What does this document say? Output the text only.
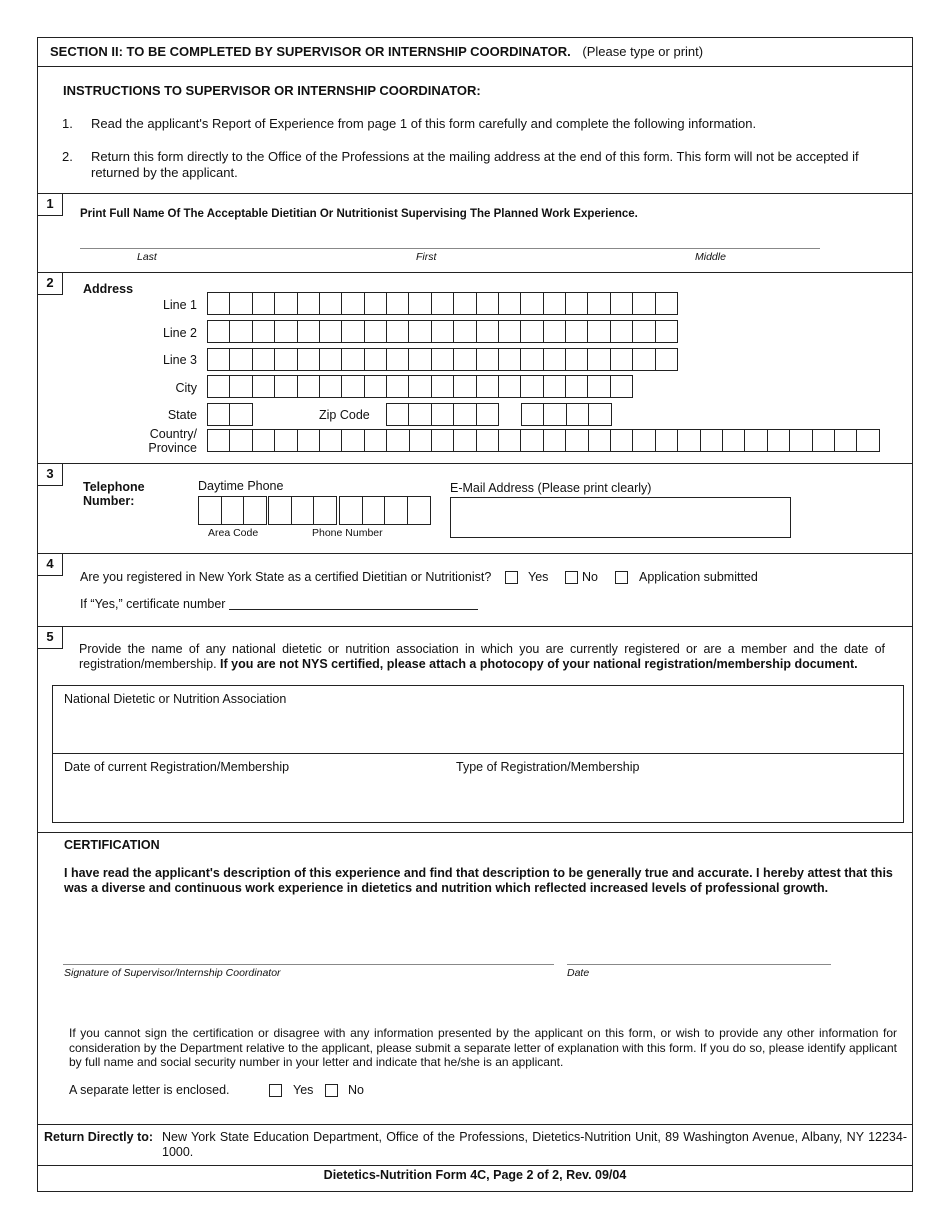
SECTION II: TO BE COMPLETED BY SUPERVISOR OR INTERNSHIP COORDINATOR. (Please type or print)
INSTRUCTIONS TO SUPERVISOR OR INTERNSHIP COORDINATOR:
1. Read the applicant's Report of Experience from page 1 of this form carefully and complete the following information.
2. Return this form directly to the Office of the Professions at the mailing address at the end of this form. This form will not be accepted if returned by the applicant.
1
Print Full Name Of The Acceptable Dietitian Or Nutritionist Supervising The Planned Work Experience.
Last	First	Middle
2	Address
Line 1
Line 2
Line 3
City
State	Zip Code
Country/
Province
3
Telephone
Number:
Daytime Phone
Area Code	Phone Number
E-Mail Address (Please print clearly)
4
Are you registered in New York State as a certified Dietitian or Nutritionist?	Yes	No	Application submitted
If “Yes,” certificate number
5
Provide the name of any national dietetic or nutrition association in which you are currently registered or are a member and the date of registration/membership. If you are not NYS certified, please attach a photocopy of your national registration/membership document.
National Dietetic or Nutrition Association
Date of current Registration/Membership	Type of Registration/Membership
CERTIFICATION
I have read the applicant's description of this experience and find that description to be generally true and accurate. I hereby attest that this was a diverse and continuous work experience in dietetics and nutrition which reflected increased levels of professional growth.
Signature of Supervisor/Internship Coordinator	Date
If you cannot sign the certification or disagree with any information presented by the applicant on this form, or wish to provide any other information for consideration by the Department relative to the applicant, please submit a separate letter of explanation with this form. If you do so, please identify applicant by full name and social security number in your letter and indicate that he/she is an applicant.
A separate letter is enclosed.	Yes	No
Return Directly to: New York State Education Department, Office of the Professions, Dietetics-Nutrition Unit, 89 Washington Avenue, Albany, NY 12234-1000.
Dietetics-Nutrition Form 4C, Page 2 of 2, Rev. 09/04
